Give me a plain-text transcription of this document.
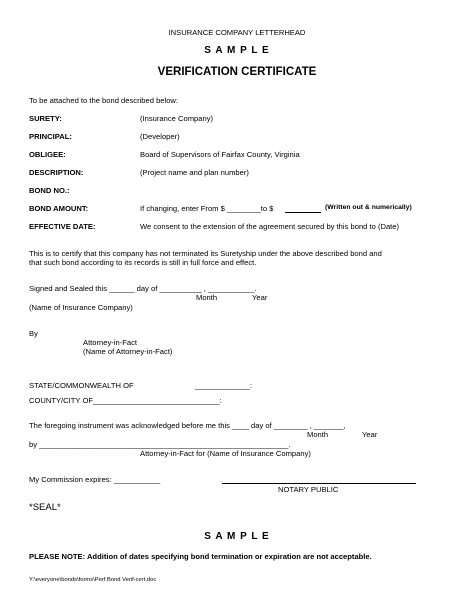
INSURANCE COMPANY LETTERHEAD
S A M P L E
VERIFICATION CERTIFICATE
To be attached to the bond described below:
SURETY:	(Insurance Company)
PRINCIPAL:	(Developer)
OBLIGEE:	Board of Supervisors of Fairfax County, Virginia
DESCRIPTION:	(Project name and plan number)
BOND NO.:
BOND AMOUNT:	If changing, enter From $ ________to $	(Written out & numerically)
EFFECTIVE DATE:	We consent to the extension of the agreement secured by this bond to (Date)
This is to certify that this company has not terminated its Suretyship under the above described bond and
that such bond according to its records is still in full force and effect.
Signed and Sealed this ______ day of __________ , ___________.
Month	Year
(Name of Insurance Company)
By
Attorney-in-Fact
(Name of Attorney-in-Fact)
STATE/COMMONWEALTH OF	_____________:
COUNTY/CITY OF______________________________:
The foregoing instrument was acknowledged before me this ____ day of ________ , _______,
Month	Year
by ___________________________________________________________.
Attorney-in-Fact for (Name of Insurance Company)
My Commission expires: ___________
NOTARY PUBLIC
*SEAL*
S A M P L E
PLEASE NOTE: Addition of dates specifying bond termination or expiration are not acceptable.
Y:\everyone\bonds\forms\Perf Bond Verif-cert.doc
